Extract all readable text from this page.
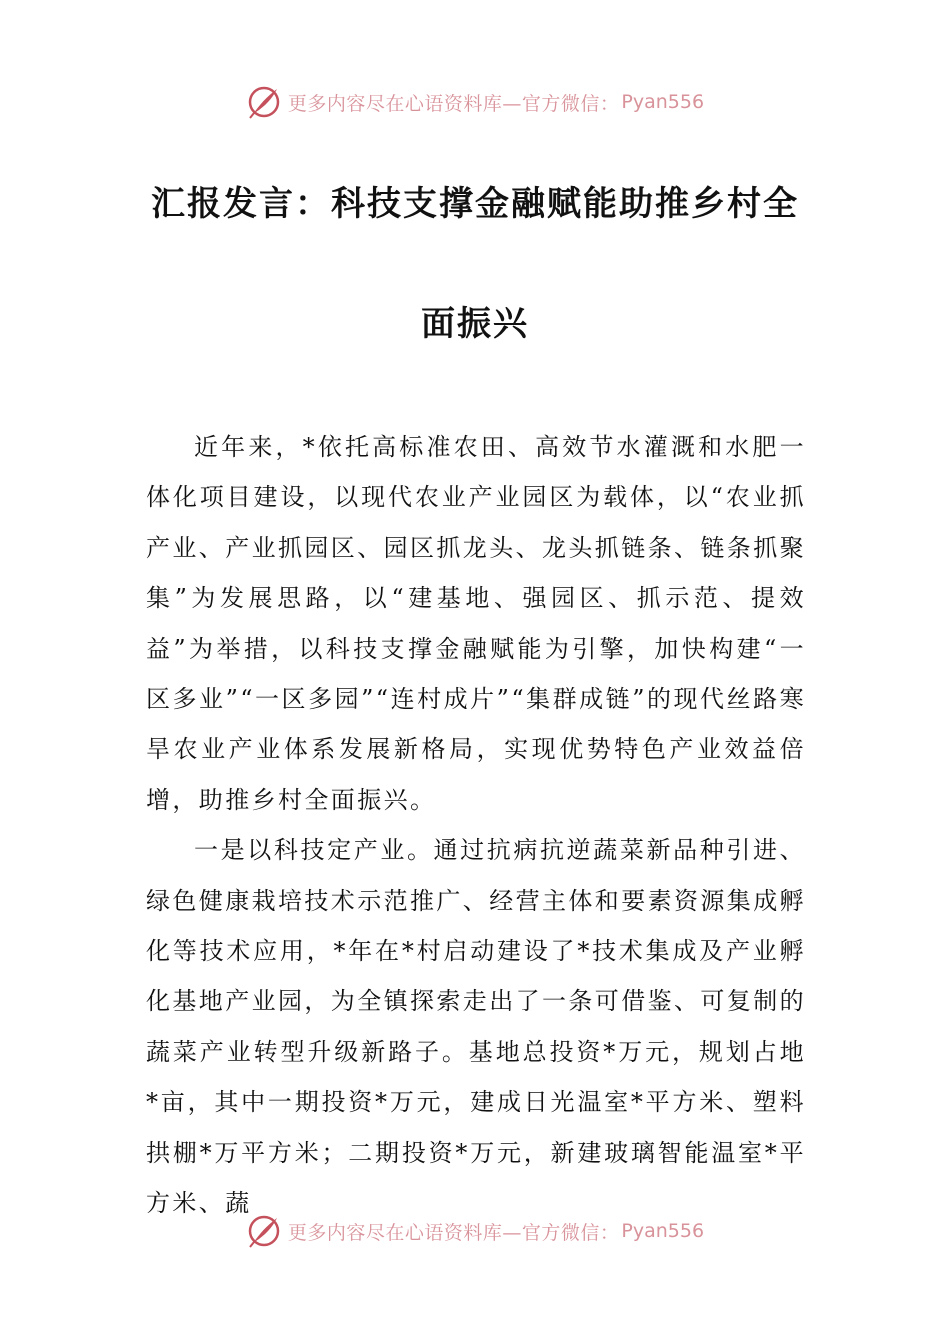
更多内容尽在心语资料库—官方微信： Pyan556
汇报发言：科技支撑金融赋能助推乡村全
面振兴

近年来，*依托高标准农田、高效节水灌溉和水肥一体化项目建设，以现代农业产业园区为载体，以“农业抓产业、产业抓园区、园区抓龙头、龙头抓链条、链条抓聚集”为发展思路，以“建基地、强园区、抓示范、提效益”为举措，以科技支撑金融赋能为引擎，加快构建“一区多业”“一区多园”“连村成片”“集群成链”的现代丝路寒旱农业产业体系发展新格局，实现优势特色产业效益倍增，助推乡村全面振兴。

一是以科技定产业。通过抗病抗逆蔬菜新品种引进、绿色健康栽培技术示范推广、经营主体和要素资源集成孵化等技术应用，*年在*村启动建设了*技术集成及产业孵化基地产业园，为全镇探索走出了一条可借鉴、可复制的蔬菜产业转型升级新路子。基地总投资*万元，规划占地*亩，其中一期投资*万元，建成日光温室*平方米、塑料拱棚*万平方米；二期投资*万元，新建玻璃智能温室*平方米、蔬

更多内容尽在心语资料库—官方微信： Pyan556
